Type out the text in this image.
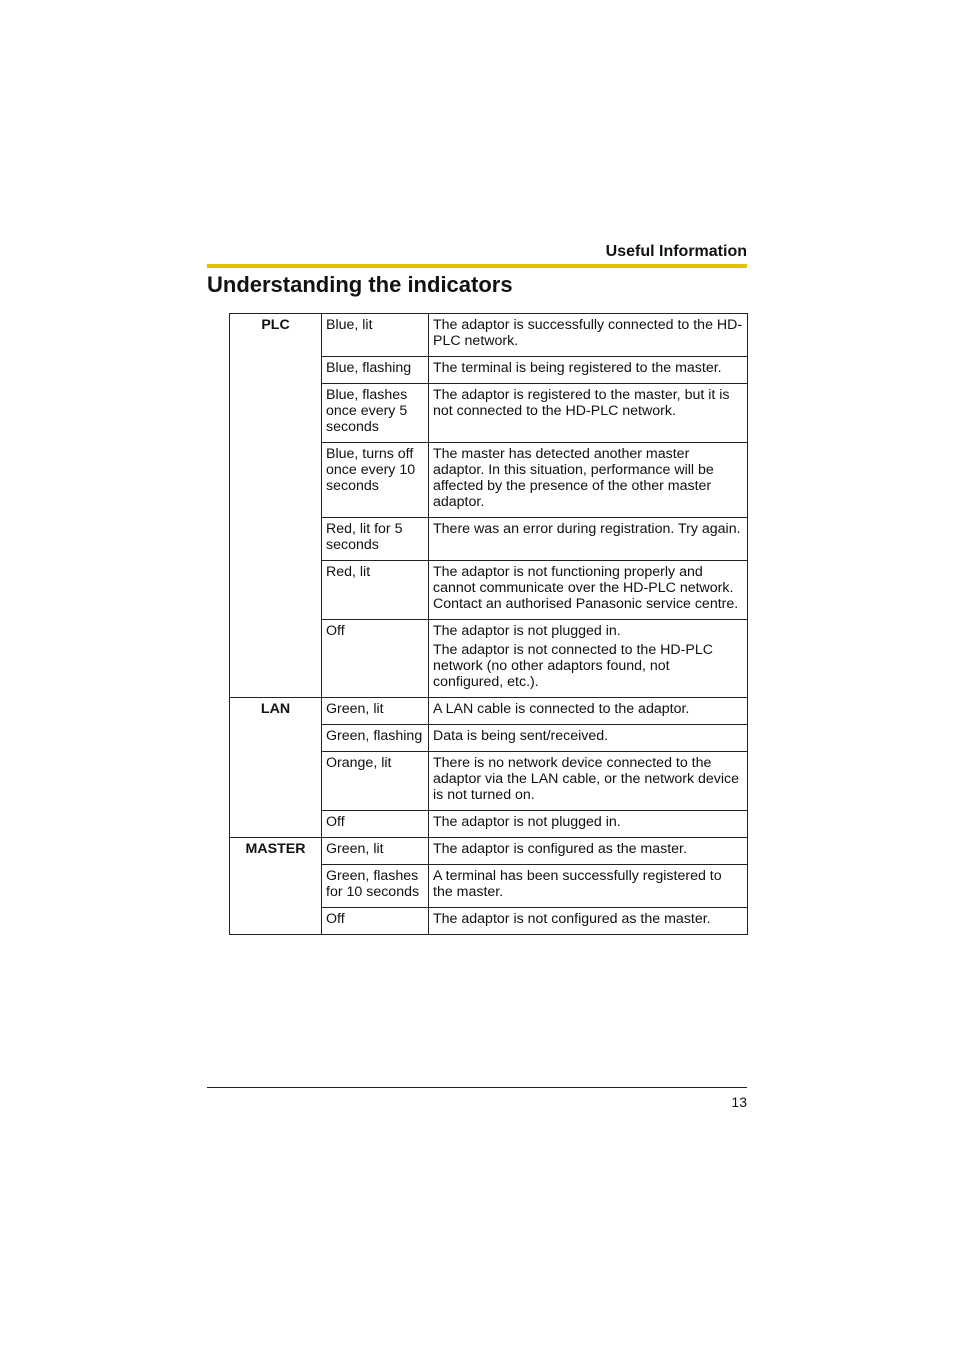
Useful Information
Understanding the indicators
PLC	Blue, lit	The adaptor is successfully connected to the HD-PLC network.

	Blue, flashing	The terminal is being registered to the master.

	Blue, flashes once every 5 seconds	The adaptor is registered to the master, but it is not connected to the HD-PLC network.

	Blue, turns off once every 10 seconds	The master has detected another master adaptor. In this situation, performance will be affected by the presence of the other master adaptor.

	Red, lit for 5 seconds	There was an error during registration. Try again.

	Red, lit	The adaptor is not functioning properly and cannot communicate over the HD-PLC network. Contact an authorised Panasonic service centre.

	Off	The adaptor is not plugged in.
The adaptor is not connected to the HD-PLC network (no other adaptors found, not configured, etc.).

LAN	Green, lit	A LAN cable is connected to the adaptor.

	Green, flashing	Data is being sent/received.

	Orange, lit	There is no network device connected to the adaptor via the LAN cable, or the network device is not turned on.

	Off	The adaptor is not plugged in.

MASTER	Green, lit	The adaptor is configured as the master.

	Green, flashes for 10 seconds	A terminal has been successfully registered to the master.

	Off	The adaptor is not configured as the master.
13
